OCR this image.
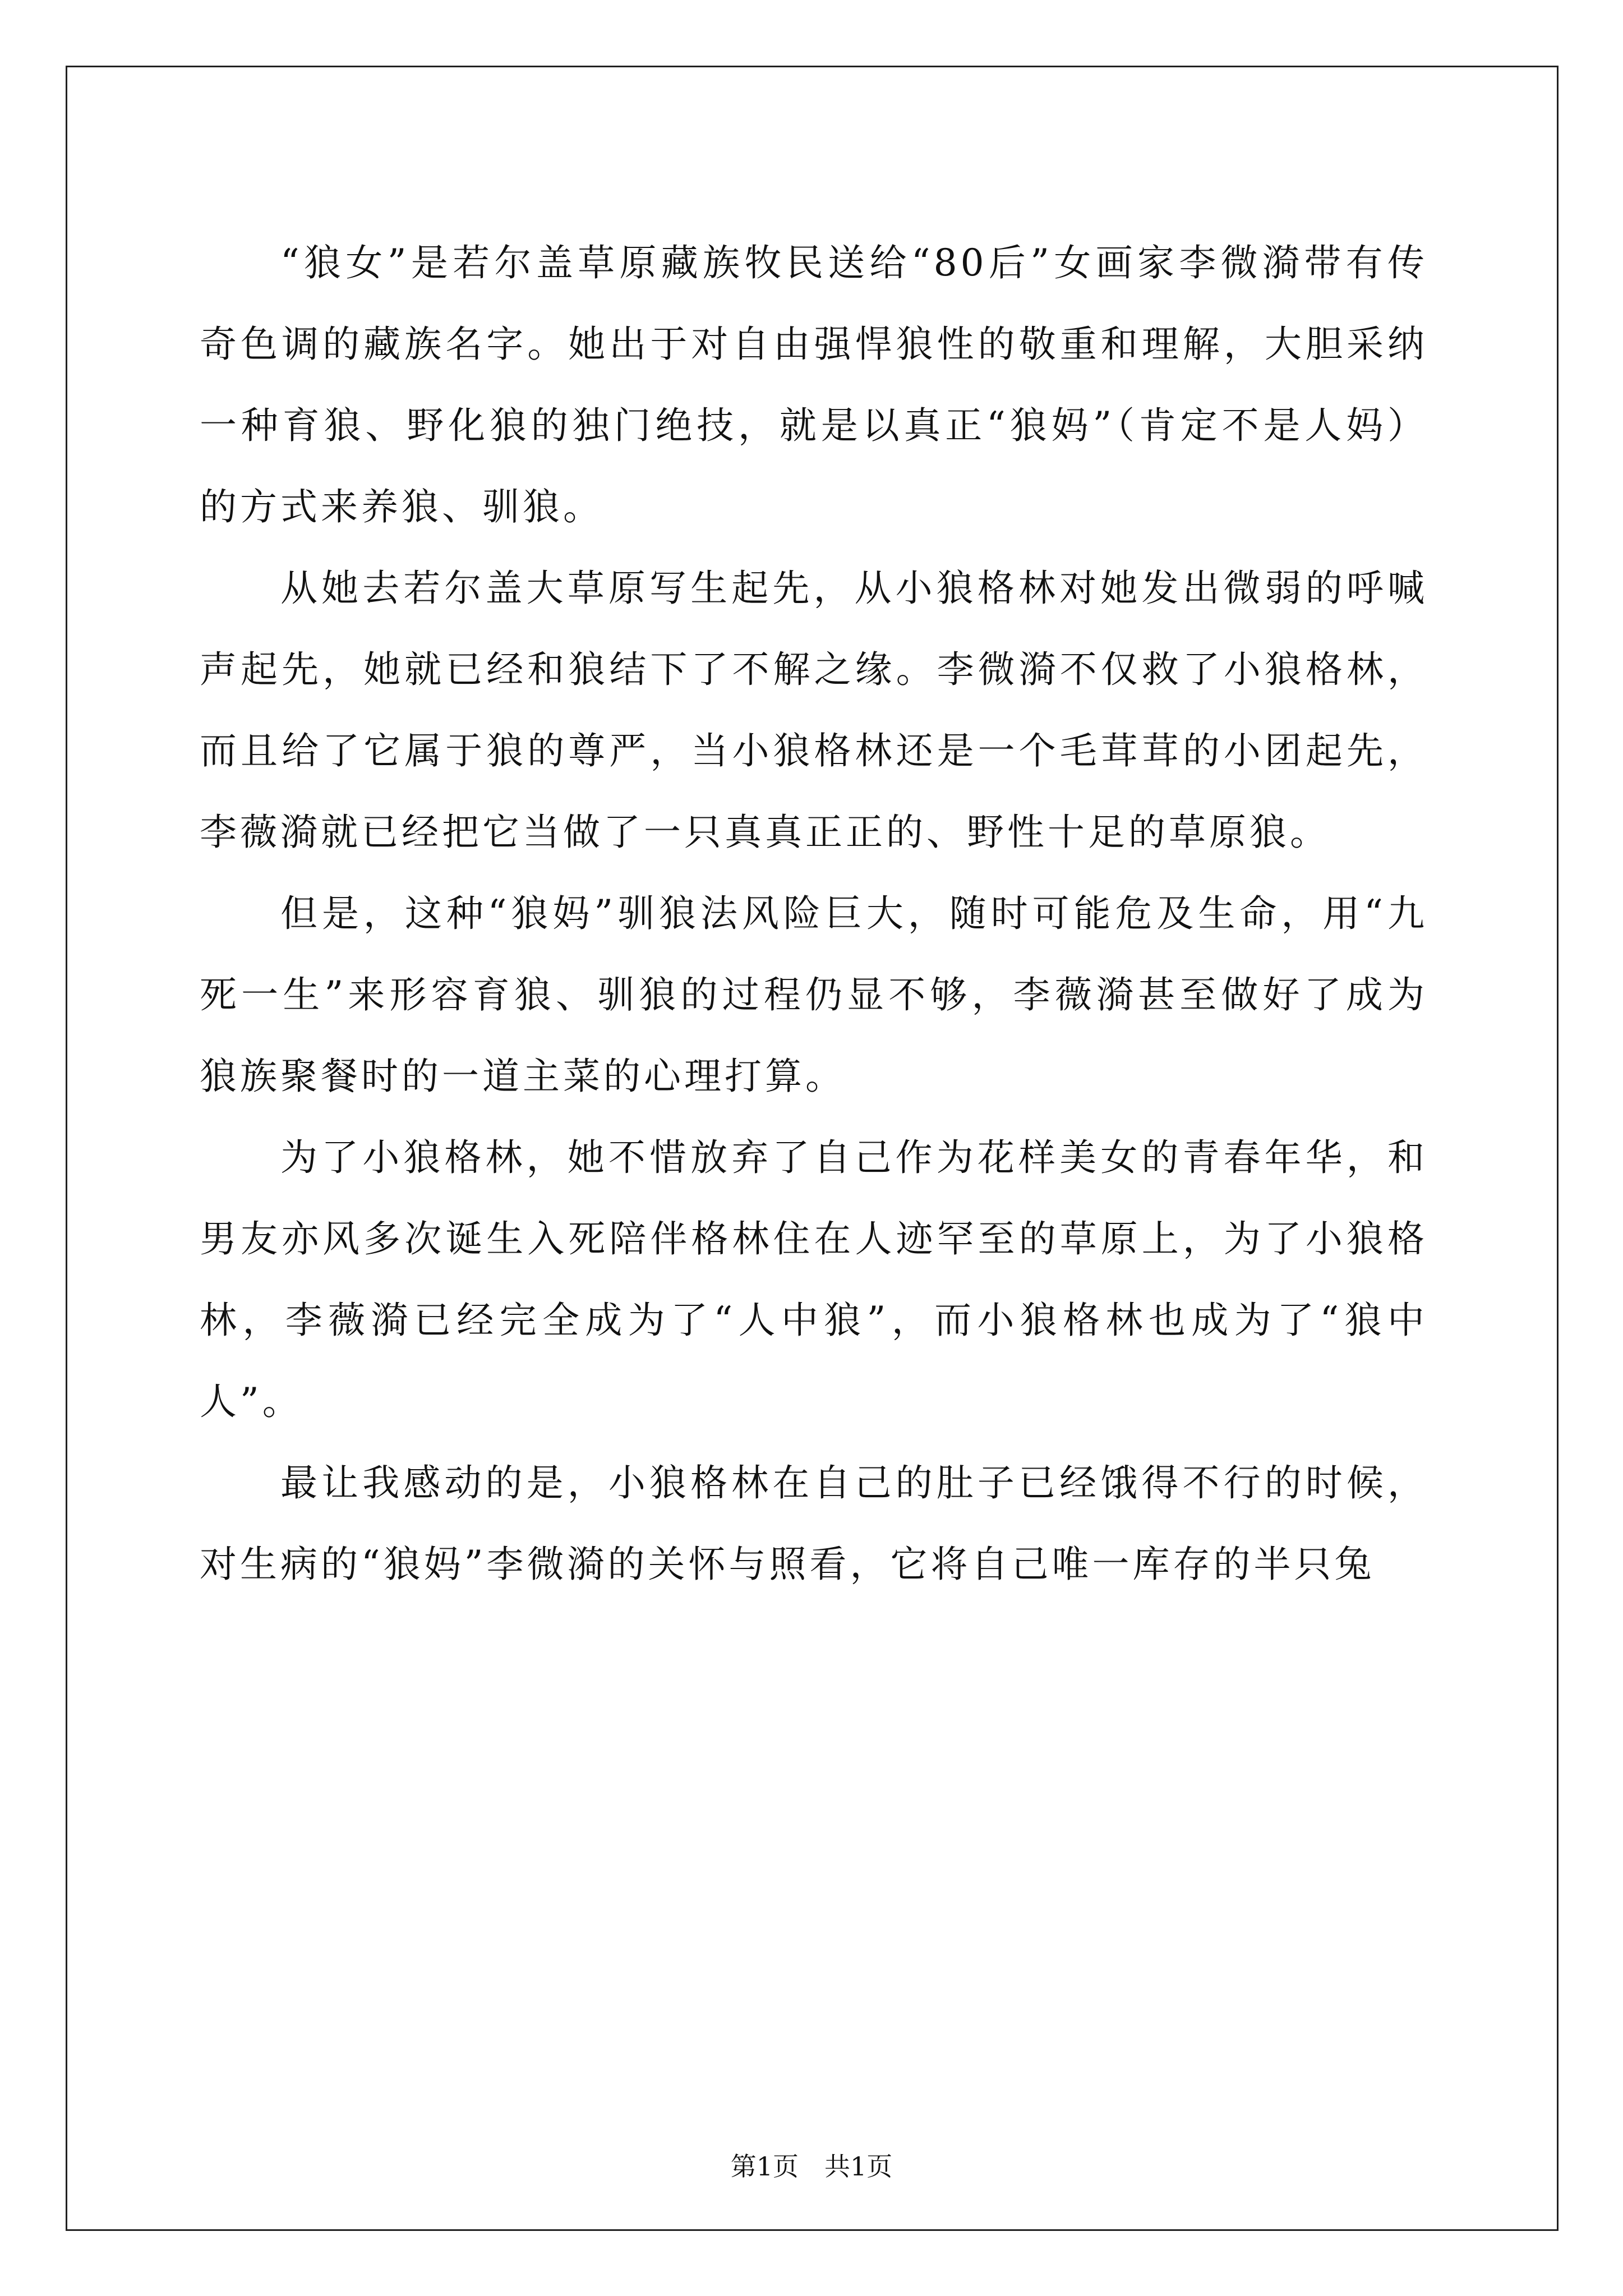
“狼女”是若尔盖草原藏族牧民送给“80后”女画家李微漪带有传奇色调的藏族名字。她出于对自由强悍狼性的敬重和理解，大胆采纳一种育狼、野化狼的独门绝技，就是以真正“狼妈”（肯定不是人妈）的方式来养狼、驯狼。

从她去若尔盖大草原写生起先，从小狼格林对她发出微弱的呼喊声起先，她就已经和狼结下了不解之缘。李微漪不仅救了小狼格林，而且给了它属于狼的尊严，当小狼格林还是一个毛茸茸的小团起先，李薇漪就已经把它当做了一只真真正正的、野性十足的草原狼。

但是，这种“狼妈”驯狼法风险巨大，随时可能危及生命，用“九死一生”来形容育狼、驯狼的过程仍显不够，李薇漪甚至做好了成为狼族聚餐时的一道主菜的心理打算。

为了小狼格林，她不惜放弃了自己作为花样美女的青春年华，和男友亦风多次诞生入死陪伴格林住在人迹罕至的草原上，为了小狼格林，李薇漪已经完全成为了“人中狼”，而小狼格林也成为了“狼中人”。

最让我感动的是，小狼格林在自己的肚子已经饿得不行的时候，对生病的“狼妈”李微漪的关怀与照看，它将自己唯一库存的半只兔

第1页 共1页
